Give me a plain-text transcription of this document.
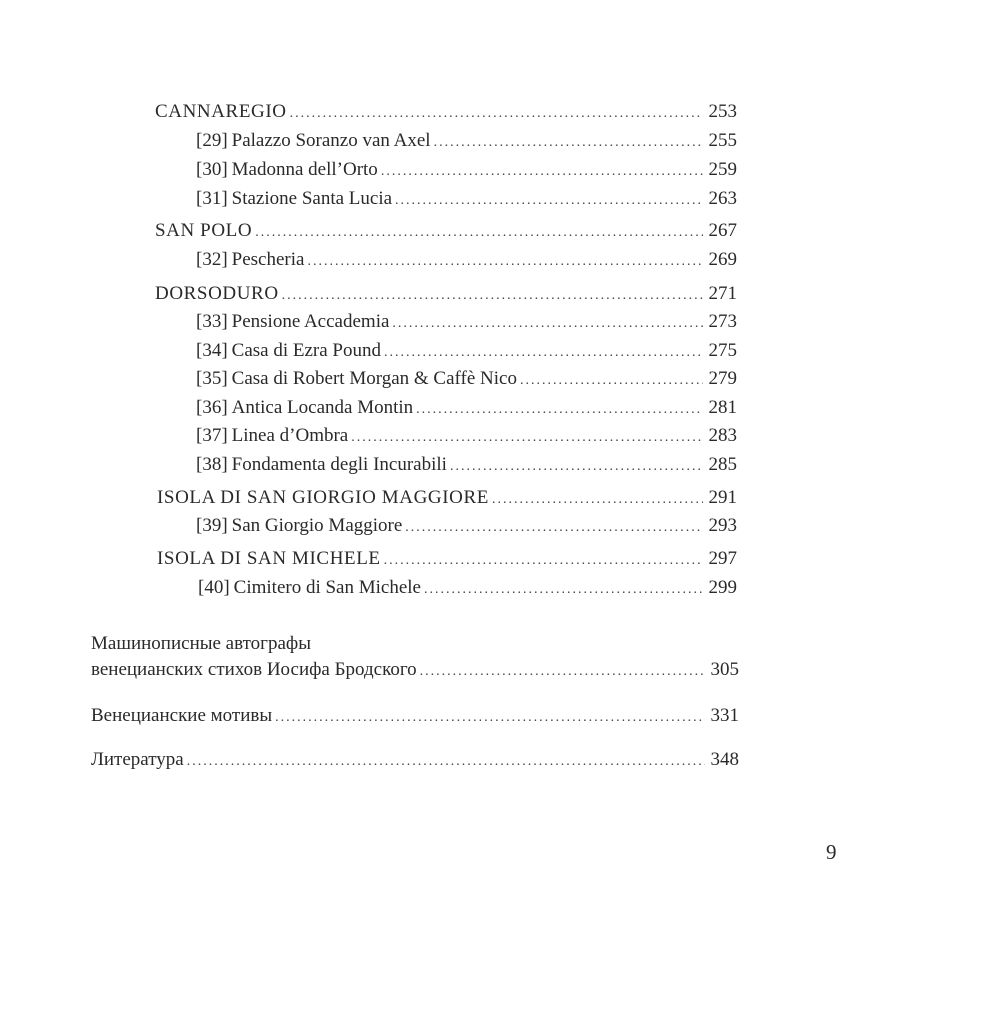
CANNAREGIO .....	253
[29] Palazzo Soranzo van Axel .....	255
[30] Madonna dell’Orto .....	259
[31] Stazione Santa Lucia .....	263
SAN POLO .....	267
[32] Pescheria .....	269
DORSODURO .....	271
[33] Pensione Accademia .....	273
[34] Casa di Ezra Pound .....	275
[35] Casa di Robert Morgan & Caffè Nico .....	279
[36] Antica Locanda Montin .....	281
[37] Linea d’Ombra .....	283
[38] Fondamenta degli Incurabili .....	285
ISOLA DI SAN GIORGIO MAGGIORE .....	291
[39] San Giorgio Maggiore .....	293
ISOLA DI SAN MICHELE .....	297
[40] Cimitero di San Michele .....	299
Машинописные автографы
венецианских стихов Иосифа Бродского .....	305
Венецианские мотивы .....	331
Литература .....	348
9
